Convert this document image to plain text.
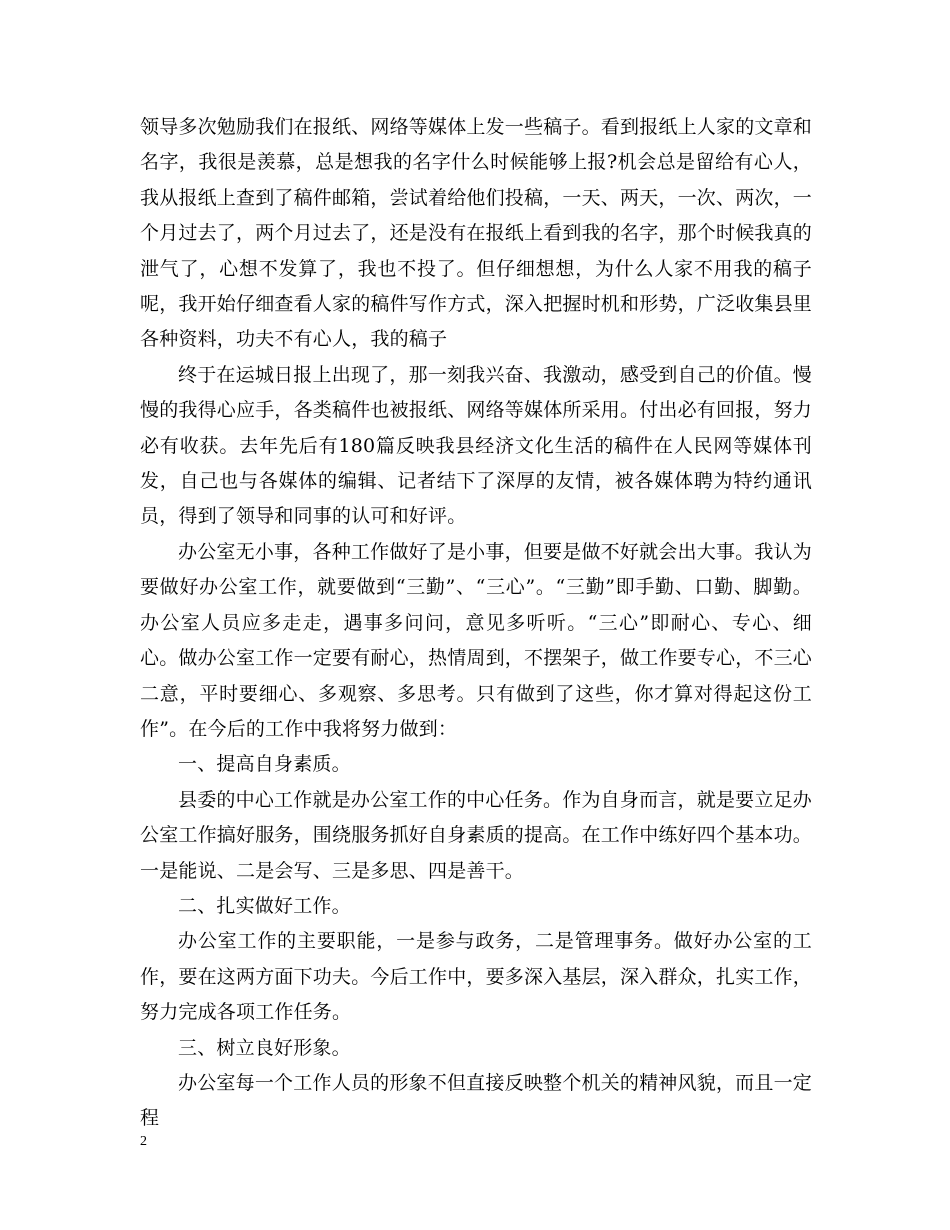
领导多次勉励我们在报纸、网络等媒体上发一些稿子。看到报纸上人家的文章和名字，我很是羡慕，总是想我的名字什么时候能够上报?机会总是留给有心人，我从报纸上查到了稿件邮箱，尝试着给他们投稿，一天、两天，一次、两次，一个月过去了，两个月过去了，还是没有在报纸上看到我的名字，那个时候我真的泄气了，心想不发算了，我也不投了。但仔细想想，为什么人家不用我的稿子呢，我开始仔细查看人家的稿件写作方式，深入把握时机和形势，广泛收集县里各种资料，功夫不有心人，我的稿子

终于在运城日报上出现了，那一刻我兴奋、我激动，感受到自己的价值。慢慢的我得心应手，各类稿件也被报纸、网络等媒体所采用。付出必有回报，努力必有收获。去年先后有180篇反映我县经济文化生活的稿件在人民网等媒体刊发，自己也与各媒体的编辑、记者结下了深厚的友情，被各媒体聘为特约通讯员，得到了领导和同事的认可和好评。

办公室无小事，各种工作做好了是小事，但要是做不好就会出大事。我认为要做好办公室工作，就要做到“三勤”、“三心”。“三勤”即手勤、口勤、脚勤。办公室人员应多走走，遇事多问问，意见多听听。“三心”即耐心、专心、细心。做办公室工作一定要有耐心，热情周到，不摆架子，做工作要专心，不三心二意，平时要细心、多观察、多思考。只有做到了这些，你才算对得起这份工作”。在今后的工作中我将努力做到：

一、提高自身素质。

县委的中心工作就是办公室工作的中心任务。作为自身而言，就是要立足办公室工作搞好服务，围绕服务抓好自身素质的提高。在工作中练好四个基本功。一是能说、二是会写、三是多思、四是善干。

二、扎实做好工作。

办公室工作的主要职能，一是参与政务，二是管理事务。做好办公室的工作，要在这两方面下功夫。今后工作中，要多深入基层，深入群众，扎实工作，努力完成各项工作任务。

三、树立良好形象。

办公室每一个工作人员的形象不但直接反映整个机关的精神风貌，而且一定程

2
